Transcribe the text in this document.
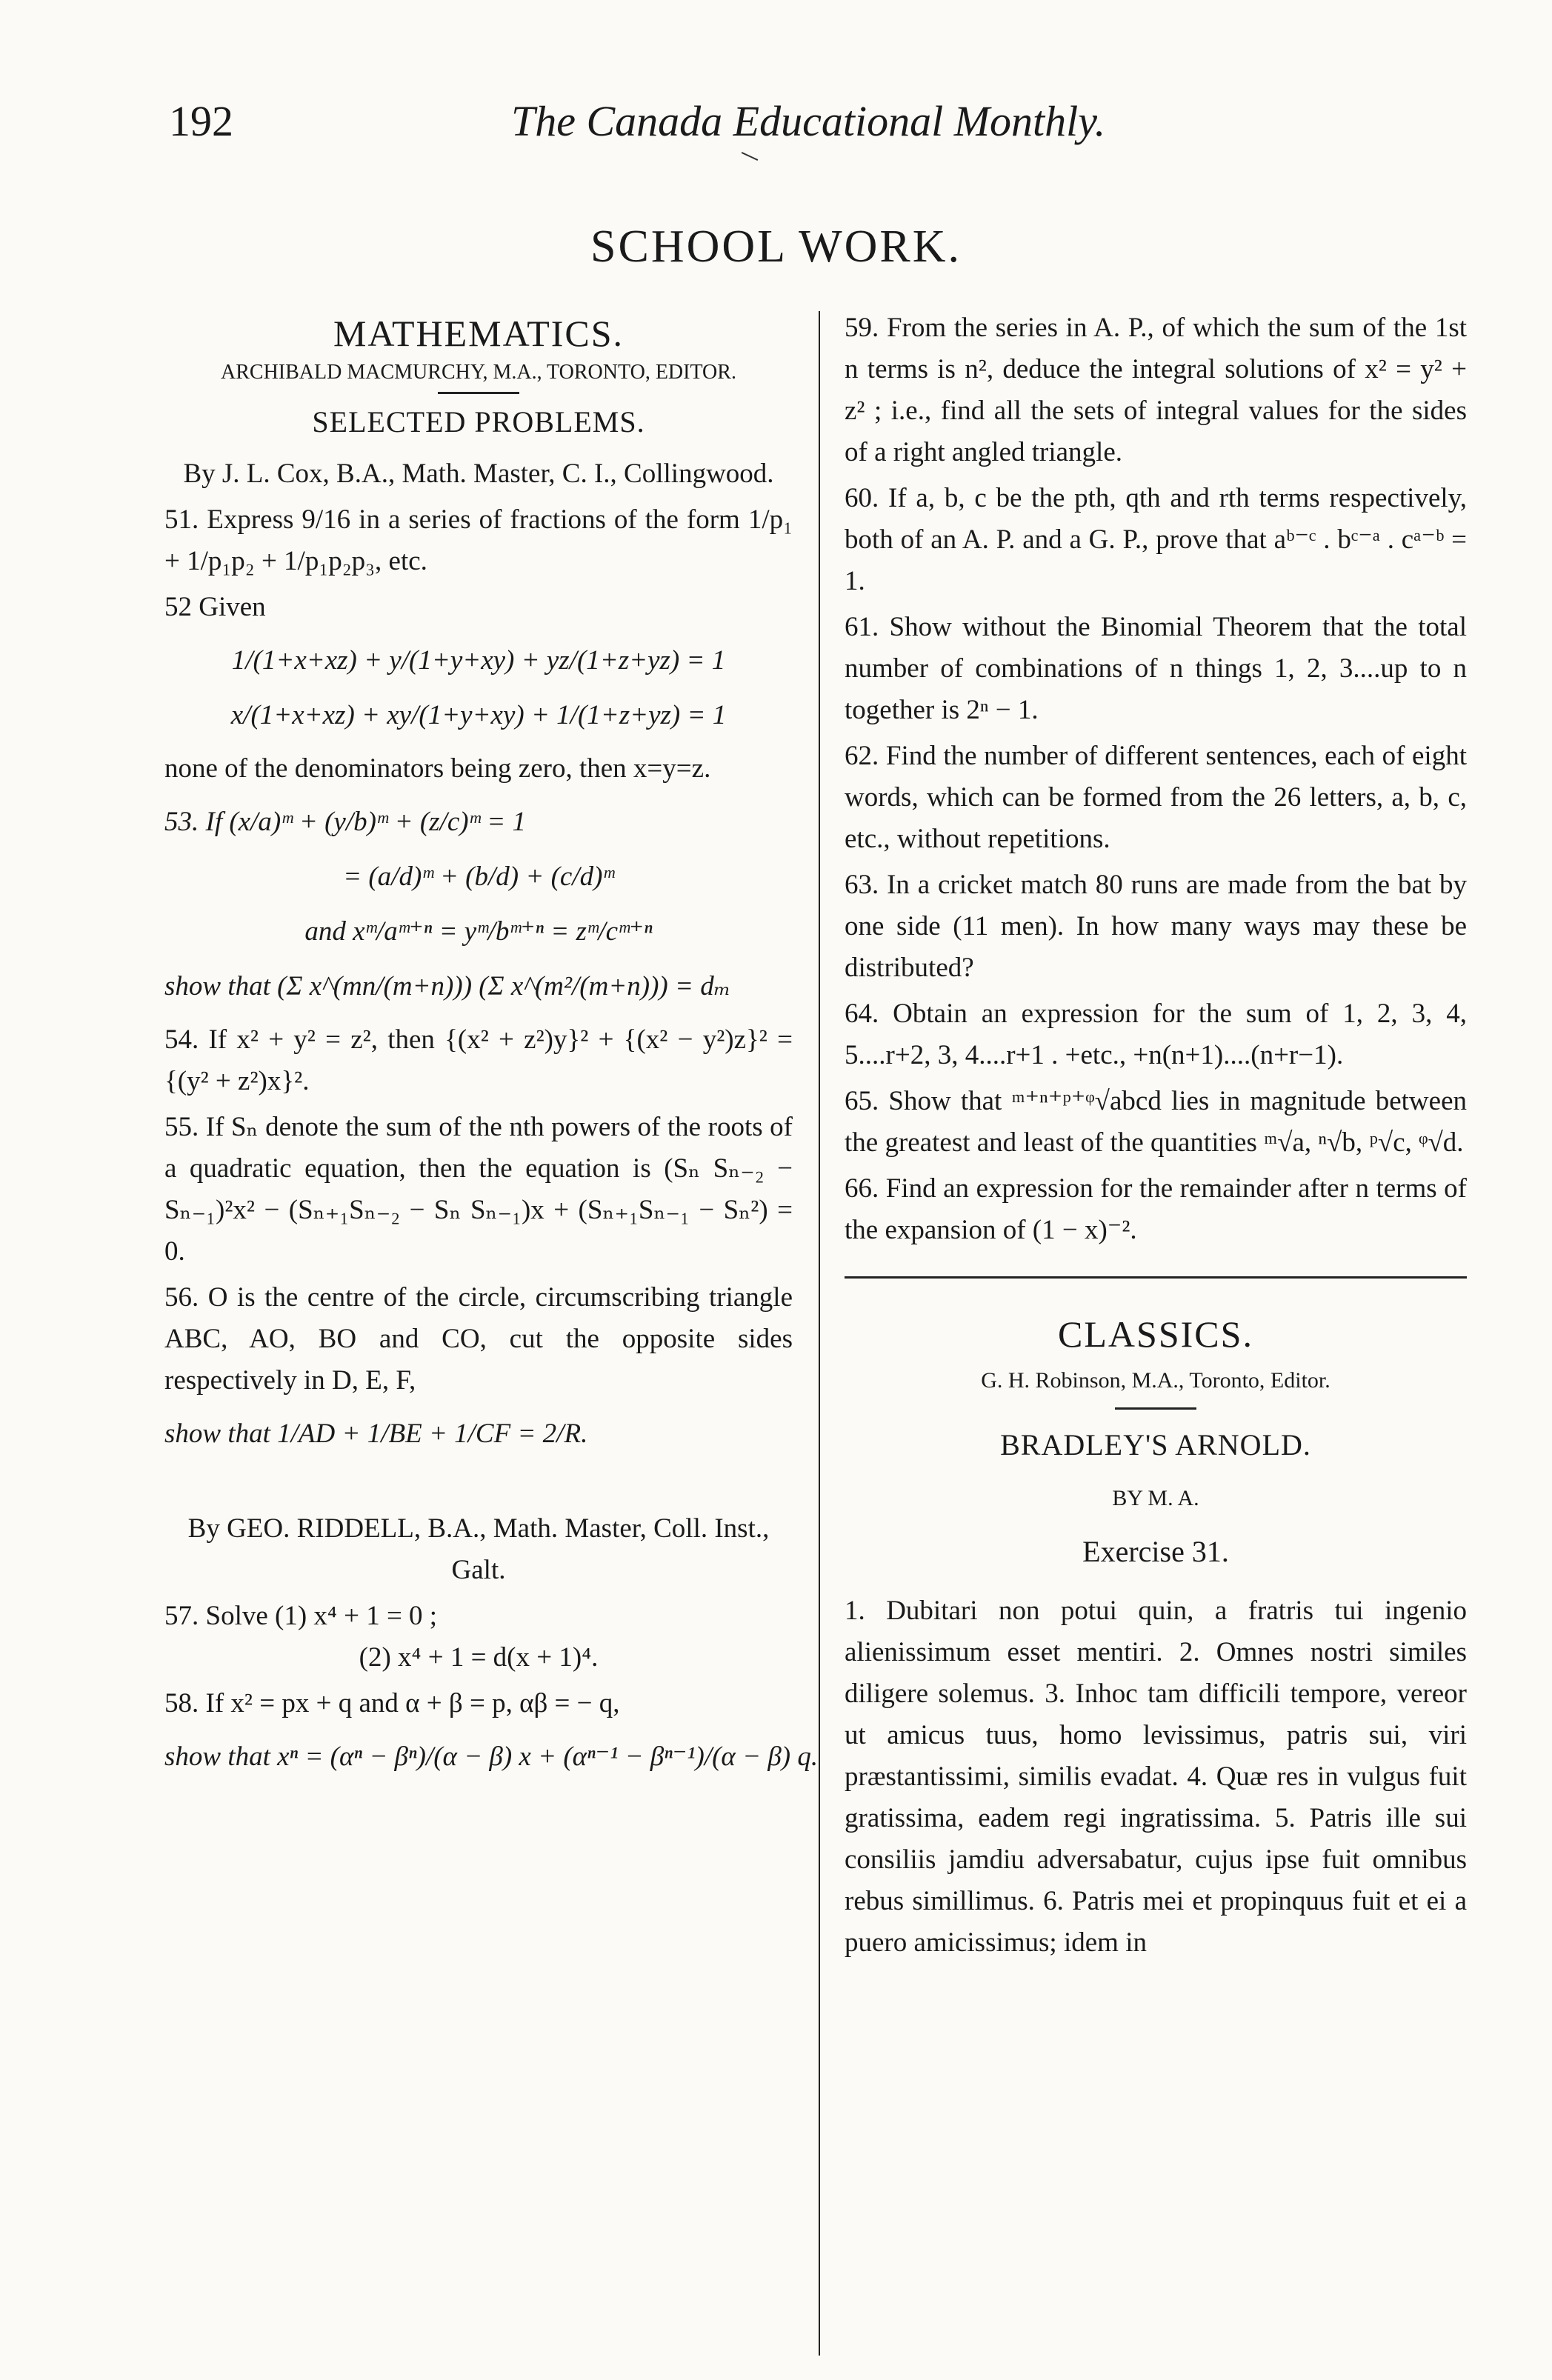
192	The Canada Educational Monthly.
SCHOOL WORK.
MATHEMATICS.
ARCHIBALD MACMURCHY, M.A., TORONTO, EDITOR.
SELECTED PROBLEMS.
By J. L. Cox, B.A., Math. Master, C. I., Collingwood.

51. Express 9/16 in a series of fractions of the form 1/p₁ + 1/p₁p₂ + 1/p₁p₂p₃, etc.

52 Given

1/(1+x+xz) + y/(1+y+xy) + yz/(1+z+yz) = 1
x/(1+x+xz) + xy/(1+y+xy) + 1/(1+z+yz) = 1

none of the denominators being zero, then x=y=z.

53. If (x/a)ᵐ + (y/b)ᵐ + (z/c)ᵐ = 1

= (a/d)ᵐ + (b/d) + (c/d)ᵐ
and xᵐ/aᵐ⁺ⁿ = yᵐ/bᵐ⁺ⁿ = zᵐ/cᵐ⁺ⁿ
show that (Σ x^(mn/(m+n))) (Σ x^(m²/(m+n))) = dₘ

54. If x² + y² = z², then {(x² + z²)y}² + {(x² − y²)z}² = {(y² + z²)x}².

55. If Sₙ denote the sum of the nth powers of the roots of a quadratic equation, then the equation is (Sₙ Sₙ₋₂ − Sₙ₋₁)²x² − (Sₙ₊₁Sₙ₋₂ − Sₙ Sₙ₋₁)x + (Sₙ₊₁Sₙ₋₁ − Sₙ²) = 0.

56. O is the centre of the circle, circumscribing triangle ABC, AO, BO and CO, cut the opposite sides respectively in D, E, F,

show that 1/AD + 1/BE + 1/CF = 2/R.
By GEO. RIDDELL, B.A., Math. Master, Coll. Inst., Galt.

57. Solve (1) x⁴ + 1 = 0 ;

(2) x⁴ + 1 = d(x + 1)⁴.

58. If x² = px + q and α + β = p, αβ = − q,

show that xⁿ = (αⁿ − βⁿ)/(α − β) x + (αⁿ⁻¹ − βⁿ⁻¹)/(α − β) q.

59. From the series in A. P., of which the sum of the 1st n terms is n², deduce the integral solutions of x² = y² + z² ; i.e., find all the sets of integral values for the sides of a right angled triangle.

60. If a, b, c be the pth, qth and rth terms respectively, both of an A. P. and a G. P., prove that aᵇ⁻ᶜ . bᶜ⁻ᵃ . cᵃ⁻ᵇ = 1.

61. Show without the Binomial Theorem that the total number of combinations of n things 1, 2, 3....up to n together is 2ⁿ − 1.

62. Find the number of different sentences, each of eight words, which can be formed from the 26 letters, a, b, c, etc., without repetitions.

63. In a cricket match 80 runs are made from the bat by one side (11 men). In how many ways may these be distributed?

64. Obtain an expression for the sum of 1, 2, 3, 4, 5....r+2, 3, 4....r+1 . +etc., +n(n+1)....(n+r−1).

65. Show that ᵐ⁺ⁿ⁺ᵖ⁺ᵠ√abcd lies in magnitude between the greatest and least of the quantities ᵐ√a, ⁿ√b, ᵖ√c, ᵠ√d.

66. Find an expression for the remainder after n terms of the expansion of (1 − x)⁻².

CLASSICS.
G. H. Robinson, M.A., Toronto, Editor.
BRADLEY'S ARNOLD.
BY M. A.
Exercise 31.

1. Dubitari non potui quin, a fratris tui ingenio alienissimum esset mentiri. 2. Omnes nostri similes diligere solemus. 3. Inhoc tam difficili tempore, vereor ut amicus tuus, homo levissimus, patris sui, viri præstantissimi, similis evadat. 4. Quæ res in vulgus fuit gratissima, eadem regi ingratissima. 5. Patris ille sui consiliis jamdiu adversabatur, cujus ipse fuit omnibus rebus simillimus. 6. Patris mei et propinquus fuit et ei a puero amicissimus; idem in
